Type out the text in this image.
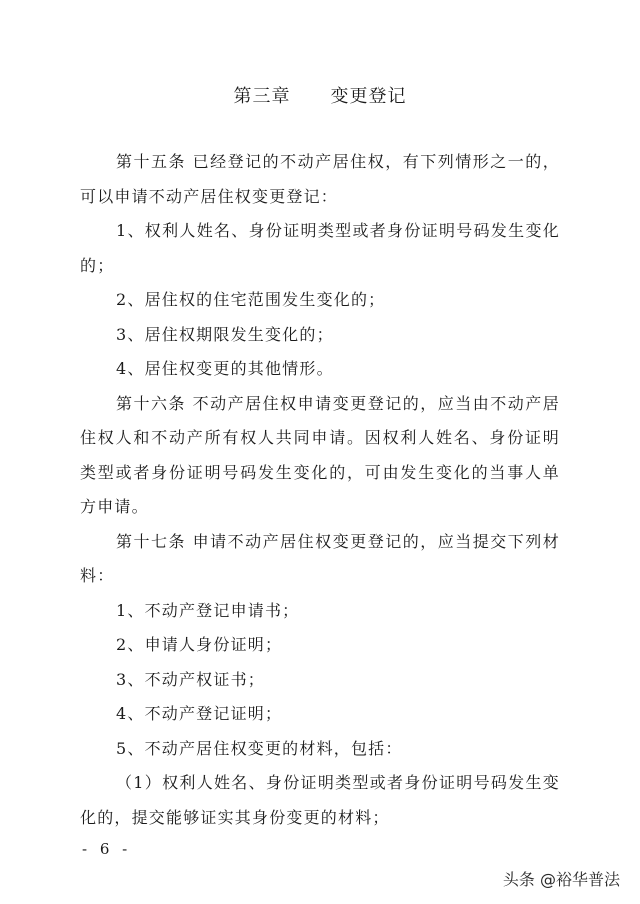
第三章 变更登记

第十五条 已经登记的不动产居住权，有下列情形之一的，可以申请不动产居住权变更登记：

1、权利人姓名、身份证明类型或者身份证明号码发生变化的；

2、居住权的住宅范围发生变化的；

3、居住权期限发生变化的；

4、居住权变更的其他情形。

第十六条 不动产居住权申请变更登记的，应当由不动产居住权人和不动产所有权人共同申请。因权利人姓名、身份证明类型或者身份证明号码发生变化的，可由发生变化的当事人单方申请。

第十七条 申请不动产居住权变更登记的，应当提交下列材料：

1、不动产登记申请书；

2、申请人身份证明；

3、不动产权证书；

4、不动产登记证明；

5、不动产居住权变更的材料，包括：

（1）权利人姓名、身份证明类型或者身份证明号码发生变化的，提交能够证实其身份变更的材料；

- 6 -
头条 @裕华普法
